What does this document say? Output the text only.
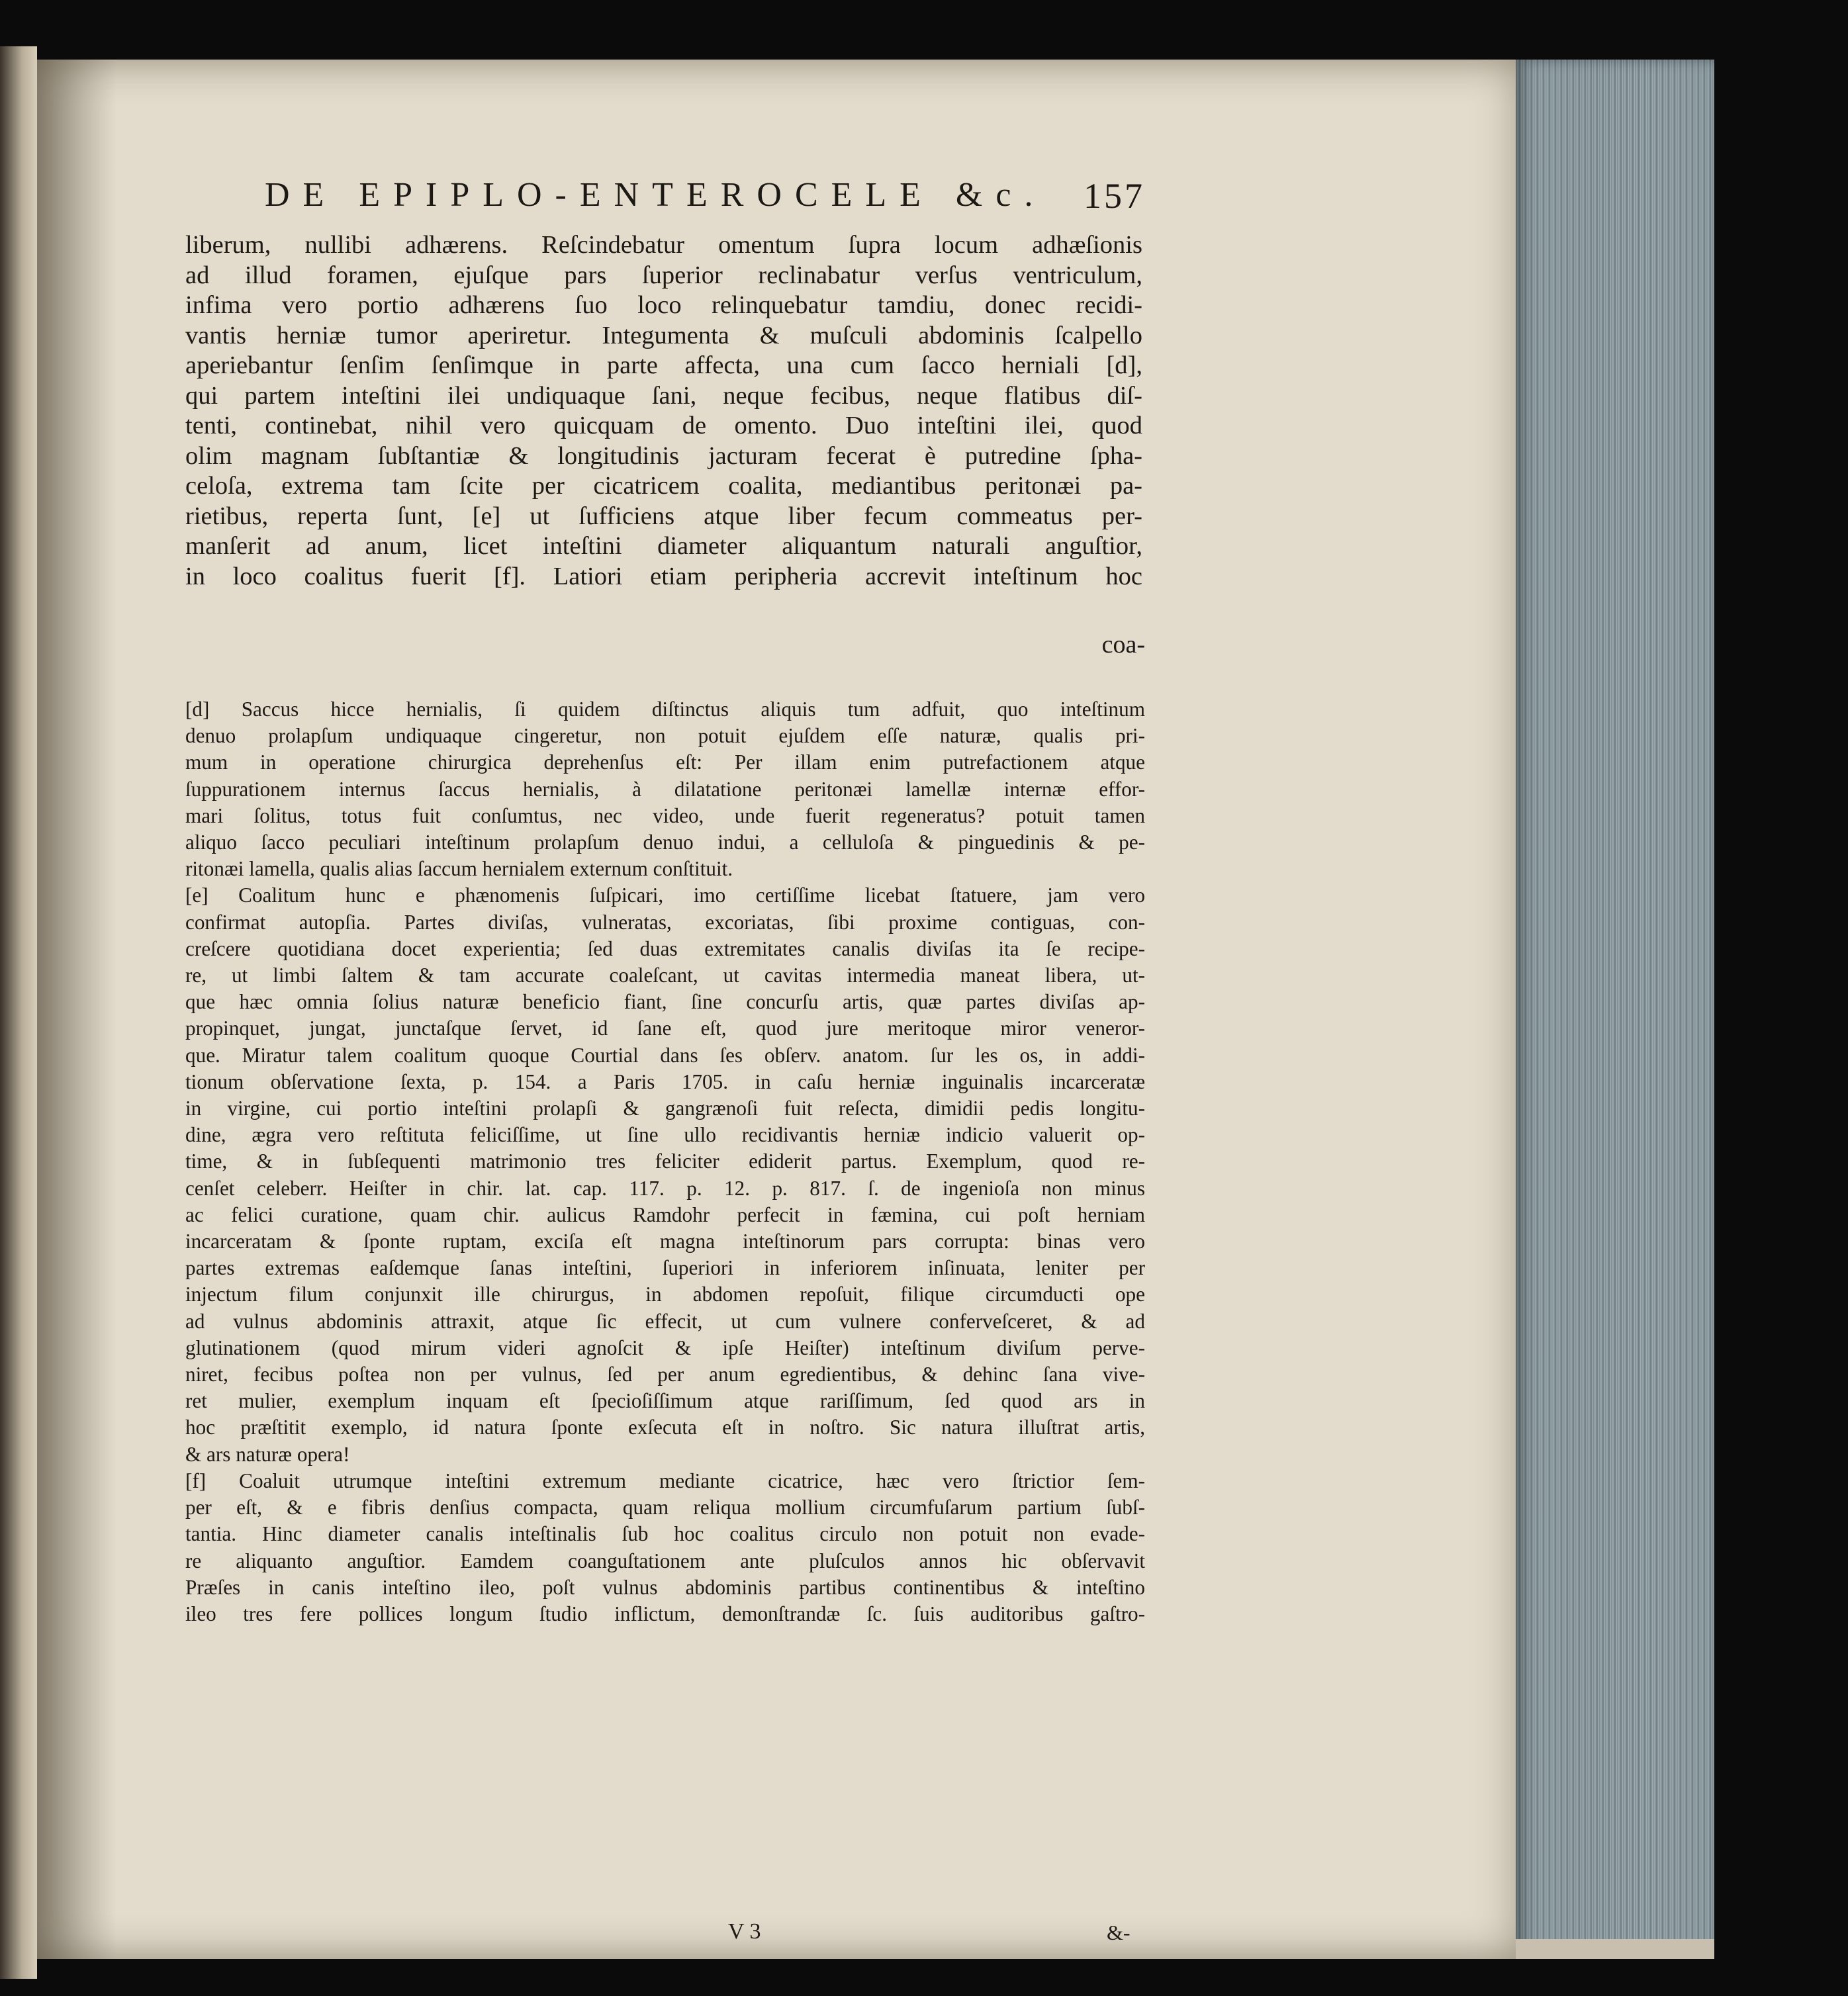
DE EPIPLO-ENTEROCELE &c. 157
liberum, nullibi adhærens. Reſcindebatur omentum ſupra locum adhæſionis
ad illud foramen, ejuſque pars ſuperior reclinabatur verſus ventriculum,
infima vero portio adhærens ſuo loco relinquebatur tamdiu, donec recidi-
vantis herniæ tumor aperiretur. Integumenta & muſculi abdominis ſcalpello
aperiebantur ſenſim ſenſimque in parte affecta, una cum ſacco herniali [d],
qui partem inteſtini ilei undiquaque ſani, neque fecibus, neque flatibus diſ-
tenti, continebat, nihil vero quicquam de omento. Duo inteſtini ilei, quod
olim magnam ſubſtantiæ & longitudinis jacturam fecerat è putredine ſpha-
celoſa, extrema tam ſcite per cicatricem coalita, mediantibus peritonæi pa-
rietibus, reperta ſunt, [e] ut ſufficiens atque liber fecum commeatus per-
manſerit ad anum, licet inteſtini diameter aliquantum naturali anguſtior,
in loco coalitus fuerit [f]. Latiori etiam peripheria accrevit inteſtinum hoc
coa-
[d] Saccus hicce hernialis, ſi quidem diſtinctus aliquis tum adfuit, quo inteſtinum
denuo prolapſum undiquaque cingeretur, non potuit ejuſdem eſſe naturæ, qualis pri-
mum in operatione chirurgica deprehenſus eſt: Per illam enim putrefactionem atque
ſuppurationem internus ſaccus hernialis, à dilatatione peritonæi lamellæ internæ effor-
mari ſolitus, totus fuit conſumtus, nec video, unde fuerit regeneratus? potuit tamen
aliquo ſacco peculiari inteſtinum prolapſum denuo indui, a celluloſa & pinguedinis & pe-
ritonæi lamella, qualis alias ſaccum hernialem externum conſtituit.
[e] Coalitum hunc e phænomenis ſuſpicari, imo certiſſime licebat ſtatuere, jam vero
confirmat autopſia. Partes diviſas, vulneratas, excoriatas, ſibi proxime contiguas, con-
creſcere quotidiana docet experientia; ſed duas extremitates canalis diviſas ita ſe recipe-
re, ut limbi ſaltem & tam accurate coaleſcant, ut cavitas intermedia maneat libera, ut-
que hæc omnia ſolius naturæ beneficio fiant, ſine concurſu artis, quæ partes diviſas ap-
propinquet, jungat, junctaſque ſervet, id ſane eſt, quod jure meritoque miror veneror-
que. Miratur talem coalitum quoque Courtial dans ſes obſerv. anatom. ſur les os, in addi-
tionum obſervatione ſexta, p. 154. a Paris 1705. in caſu herniæ inguinalis incarceratæ
in virgine, cui portio inteſtini prolapſi & gangrænoſi fuit reſecta, dimidii pedis longitu-
dine, ægra vero reſtituta feliciſſime, ut ſine ullo recidivantis herniæ indicio valuerit op-
time, & in ſubſequenti matrimonio tres feliciter ediderit partus. Exemplum, quod re-
cenſet celeberr. Heiſter in chir. lat. cap. 117. p. 12. p. 817. ſ. de ingenioſa non minus
ac felici curatione, quam chir. aulicus Ramdohr perfecit in fæmina, cui poſt herniam
incarceratam & ſponte ruptam, exciſa eſt magna inteſtinorum pars corrupta: binas vero
partes extremas eaſdemque ſanas inteſtini, ſuperiori in inferiorem inſinuata, leniter per
injectum filum conjunxit ille chirurgus, in abdomen repoſuit, filique circumducti ope
ad vulnus abdominis attraxit, atque ſic effecit, ut cum vulnere conferveſceret, & ad
glutinationem (quod mirum videri agnoſcit & ipſe Heiſter) inteſtinum diviſum perve-
niret, fecibus poſtea non per vulnus, ſed per anum egredientibus, & dehinc ſana vive-
ret mulier, exemplum inquam eſt ſpecioſiſſimum atque rariſſimum, ſed quod ars in
hoc præſtitit exemplo, id natura ſponte exſecuta eſt in noſtro. Sic natura illuſtrat artis,
& ars naturæ opera!
[f] Coaluit utrumque inteſtini extremum mediante cicatrice, hæc vero ſtrictior ſem-
per eſt, & e fibris denſius compacta, quam reliqua mollium circumfuſarum partium ſubſ-
tantia. Hinc diameter canalis inteſtinalis ſub hoc coalitus circulo non potuit non evade-
re aliquanto anguſtior. Eamdem coanguſtationem ante pluſculos annos hic obſervavit
Præſes in canis inteſtino ileo, poſt vulnus abdominis partibus continentibus & inteſtino
ileo tres fere pollices longum ſtudio inflictum, demonſtrandæ ſc. ſuis auditoribus gaſtro-
V 3	&-
